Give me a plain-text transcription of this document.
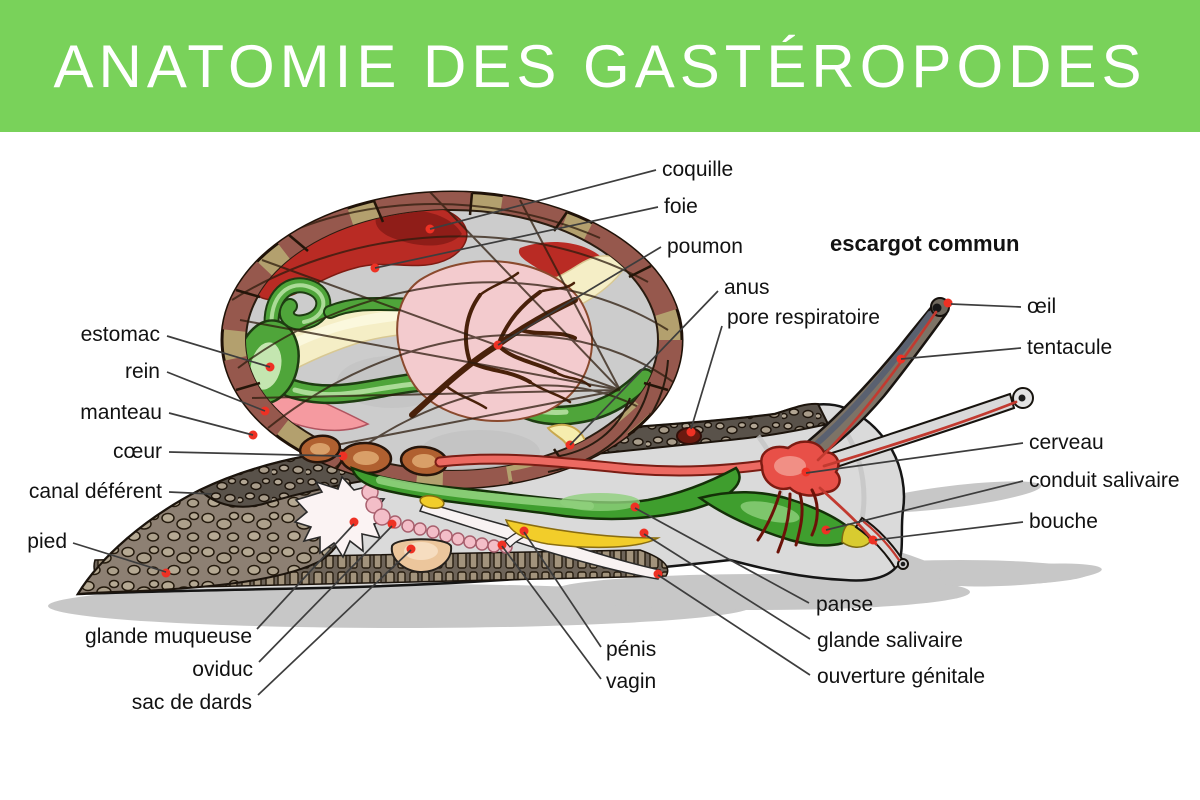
ANATOMIE DES GASTÉROPODES
escargot commun
coquille
foie
poumon
anus
pore respiratoire	œil
tentacule
cerveau
conduit salivaire
bouche
panse
glande salivaire
ouverture génitale
pénis
vagin
estomac
rein
manteau
cœur
canal déférent
pied
glande muqueuse
oviduc
sac de dards
